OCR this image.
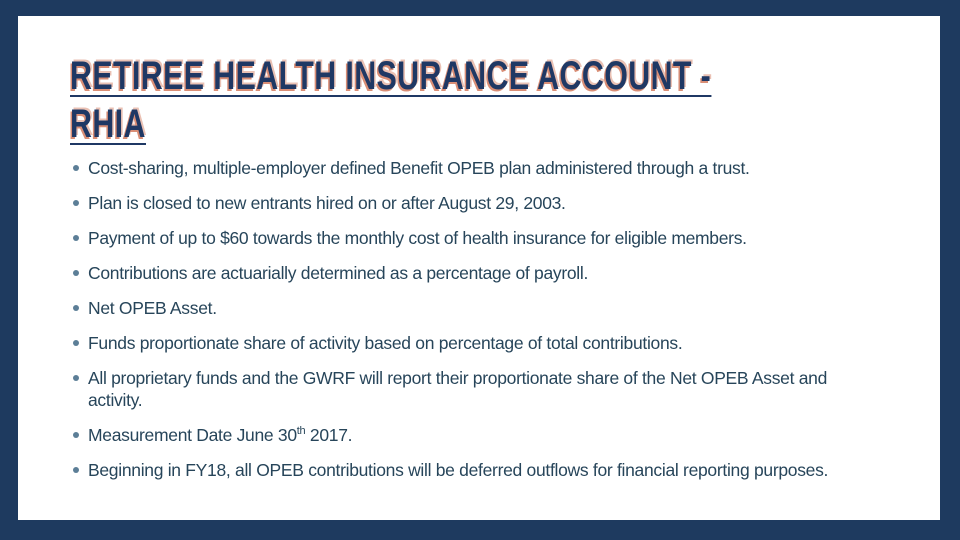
RETIREE HEALTH INSURANCE ACCOUNT -
RHIA
Cost-sharing, multiple-employer defined Benefit OPEB plan administered through a trust.
Plan is closed to new entrants hired on or after August 29, 2003.
Payment of up to $60 towards the monthly cost of health insurance for eligible members.
Contributions are actuarially determined as a percentage of payroll.
Net OPEB Asset.
Funds proportionate share of activity based on percentage of total contributions.
All proprietary funds and the GWRF will report their proportionate share of the Net OPEB Asset and activity.
Measurement Date June 30th 2017.
Beginning in FY18, all OPEB contributions will be deferred outflows for financial reporting purposes.
